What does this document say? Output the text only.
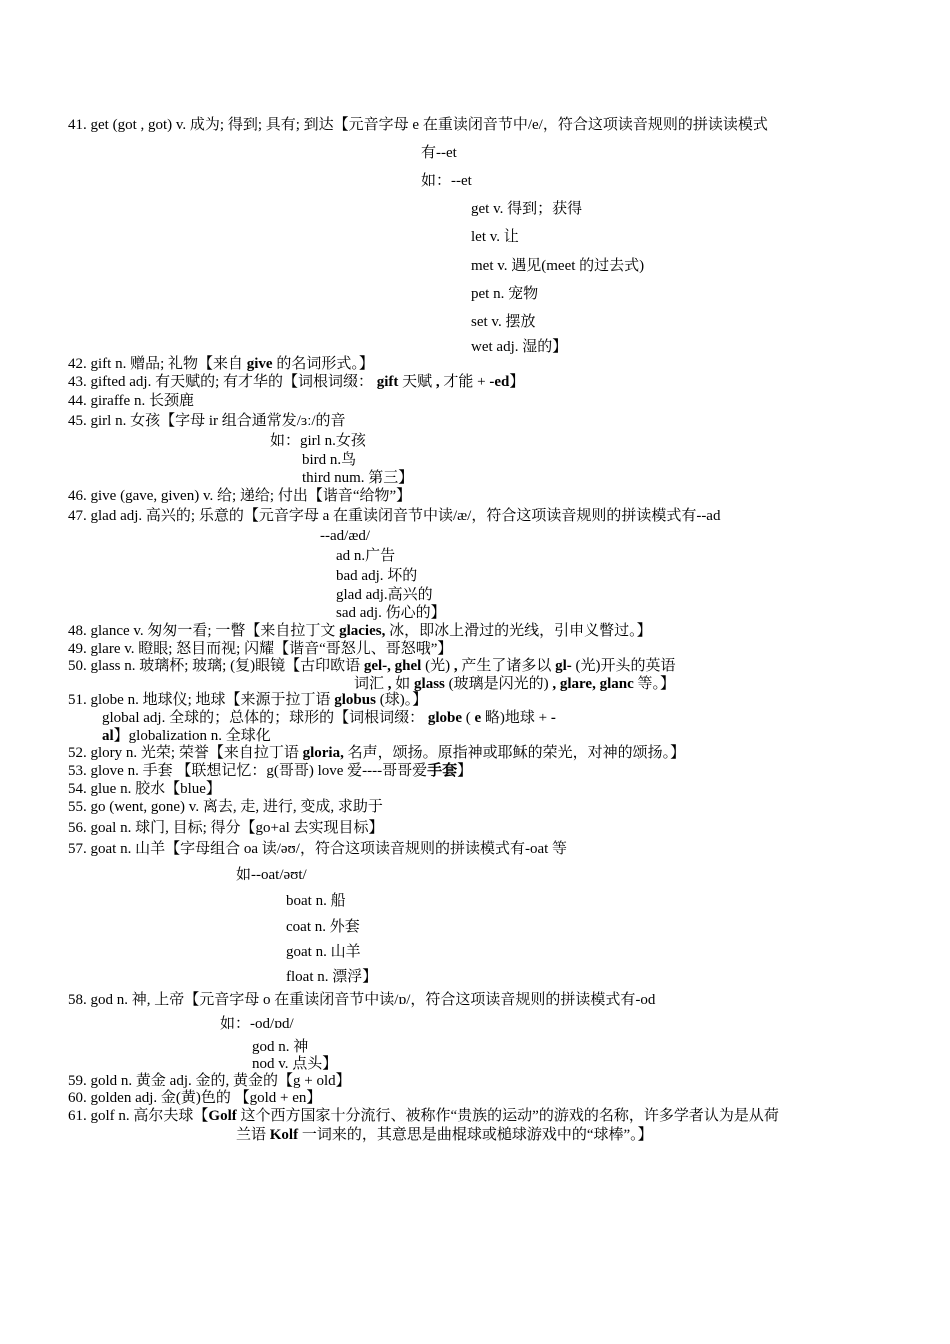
41. get (got , got) v. 成为; 得到; 具有; 到达【元音字母 e 在重读闭音节中/e/，符合这项读音规则的拼读读模式
有--et
如：--et
get v. 得到；获得
let v. 让
met v. 遇见(meet 的过去式)
pet n. 宠物
set v. 摆放
wet adj. 湿的】
42. gift n. 赠品; 礼物【来自 give 的名词形式。】
43. gifted adj. 有天赋的; 有才华的【词根词缀： gift 天赋 , 才能 + -ed】
44. giraffe n. 长颈鹿
45. girl n. 女孩【字母 ir 组合通常发/ɜː/的音
如：girl n.女孩
bird n.鸟
third num. 第三】
46. give (gave, given) v. 给; 递给; 付出【谐音“给物”】
47. glad adj. 高兴的; 乐意的【元音字母 a 在重读闭音节中读/æ/，符合这项读音规则的拼读模式有--ad
--ad/æd/
ad n.广告
bad adj. 坏的
glad adj.高兴的
sad adj. 伤心的】
48. glance v. 匆匆一看; 一瞥【来自拉丁文 glacies, 冰，即冰上滑过的光线，引申义瞥过。】
49. glare v. 瞪眼; 怒目而视; 闪耀【谐音“哥怒儿、哥怒哦”】
50. glass n. 玻璃杯; 玻璃; (复)眼镜【古印欧语 gel-, ghel (光) , 产生了诸多以 gl- (光)开头的英语
词汇 , 如 glass (玻璃是闪光的) , glare, glanc 等。】
51. globe n. 地球仪; 地球【来源于拉丁语 globus (球)。】
global adj. 全球的；总体的；球形的【词根词缀： globe ( e 略)地球 + -
al】globalization n. 全球化
52. glory n. 光荣; 荣誉【来自拉丁语 gloria, 名声，颂扬。原指神或耶稣的荣光，对神的颂扬。】
53. glove n. 手套 【联想记忆：g(哥哥) love 爱----哥哥爱手套】
54. glue n. 胶水【blue】
55. go (went, gone) v. 离去, 走, 进行, 变成, 求助于
56. goal n. 球门, 目标; 得分【go+al 去实现目标】
57. goat n. 山羊【字母组合 oa 读/əʊ/，符合这项读音规则的拼读模式有-oat 等
如--oat/əʊt/
boat n. 船
coat n. 外套
goat n. 山羊
float n. 漂浮】
58. god n. 神, 上帝【元音字母 o 在重读闭音节中读/ɒ/，符合这项读音规则的拼读模式有-od
如：-od/ɒd/
god n. 神
nod v. 点头】
59. gold n. 黄金 adj. 金的, 黄金的【g + old】
60. golden adj. 金(黄)色的 【gold + en】
61. golf n. 高尔夫球【Golf 这个西方国家十分流行、被称作“贵族的运动”的游戏的名称，许多学者认为是从荷
兰语 Kolf 一词来的，其意思是曲棍球或槌球游戏中的“球棒”。】
